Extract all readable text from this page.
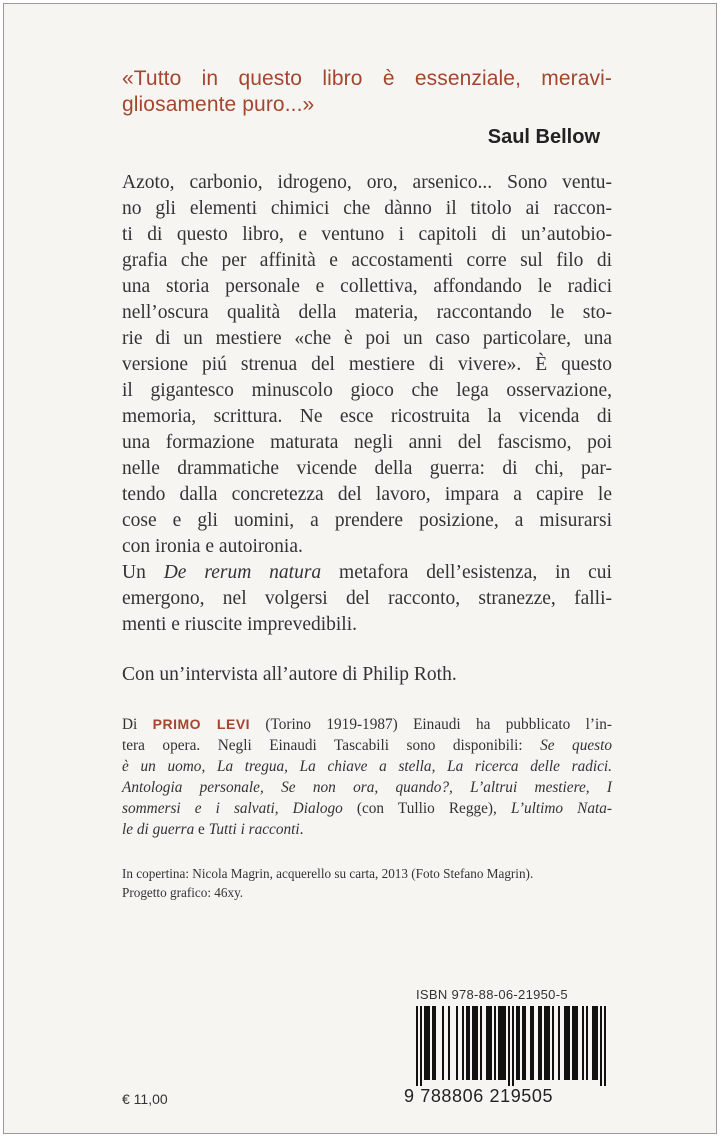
«Tutto in questo libro è essenziale, meravi-
gliosamente puro...»
Saul Bellow
Azoto, carbonio, idrogeno, oro, arsenico... Sono ventu-
no gli elementi chimici che dànno il titolo ai raccon-
ti di questo libro, e ventuno i capitoli di un’autobio-
grafia che per affinità e accostamenti corre sul filo di
una storia personale e collettiva, affondando le radici
nell’oscura qualità della materia, raccontando le sto-
rie di un mestiere «che è poi un caso particolare, una
versione piú strenua del mestiere di vivere». È questo
il gigantesco minuscolo gioco che lega osservazione,
memoria, scrittura. Ne esce ricostruita la vicenda di
una formazione maturata negli anni del fascismo, poi
nelle drammatiche vicende della guerra: di chi, par-
tendo dalla concretezza del lavoro, impara a capire le
cose e gli uomini, a prendere posizione, a misurarsi
con ironia e autoironia.
Un De rerum natura metafora dell’esistenza, in cui
emergono, nel volgersi del racconto, stranezze, falli-
menti e riuscite imprevedibili.
Con un’intervista all’autore di Philip Roth.
Di PRIMO LEVI (Torino 1919-1987) Einaudi ha pubblicato l’in-
tera opera. Negli Einaudi Tascabili sono disponibili: Se questo
è un uomo, La tregua, La chiave a stella, La ricerca delle radici.
Antologia personale, Se non ora, quando?, L’altrui mestiere, I
sommersi e i salvati, Dialogo (con Tullio Regge), L’ultimo Nata-
le di guerra e Tutti i racconti.
In copertina: Nicola Magrin, acquerello su carta, 2013 (Foto Stefano Magrin).
Progetto grafico: 46xy.
ISBN 978-88-06-21950-5
9 788806 219505
€ 11,00
